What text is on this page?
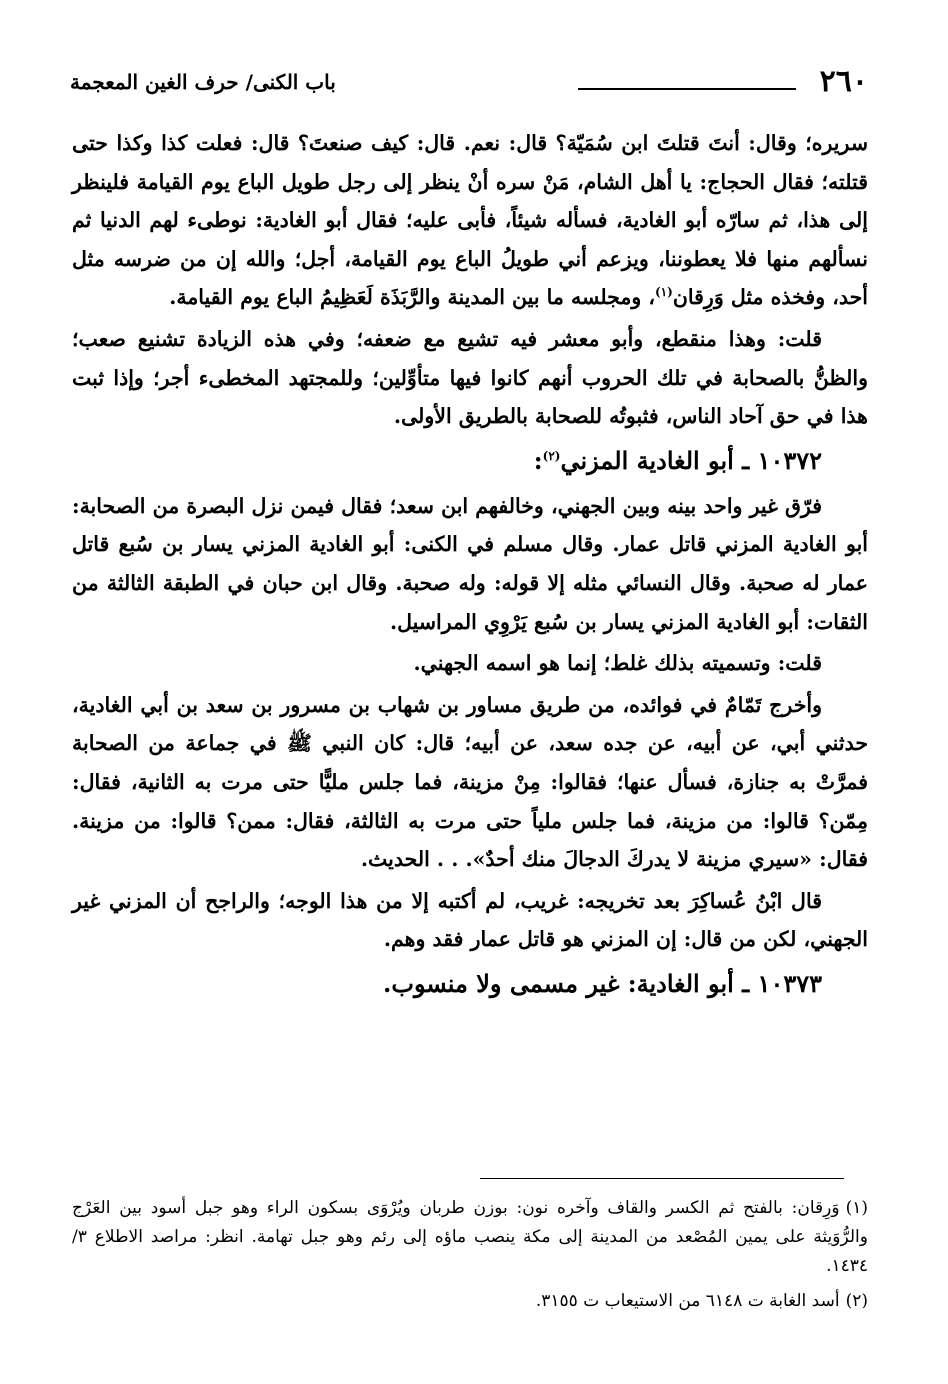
٢٦٠
باب الكنى/ حرف الغين المعجمة

سريره؛ وقال: أنتَ قتلتَ ابن سُمَيّة؟ قال: نعم. قال: كيف صنعتَ؟ قال: فعلت كذا وكذا حتى قتلته؛ فقال الحجاج: يا أهل الشام، مَنْ سره أنْ ينظر إلى رجل طويل الباع يوم القيامة فلينظر إلى هذا، ثم سارّه أبو الغادية، فسأله شيئاً، فأبى عليه؛ فقال أبو الغادية: نوطىء لهم الدنيا ثم نسألهم منها فلا يعطوننا، ويزعم أني طويلُ الباع يوم القيامة، أجل؛ والله إن من ضرسه مثل أحد، وفخذه مثل وَرِقان$^{(١)}$، ومجلسه ما بين المدينة والرَّبَذَة لَعَظِيمُ الباع يوم القيامة.

قلت: وهذا منقطع، وأبو معشر فيه تشيع مع ضعفه؛ وفي هذه الزيادة تشنيع صعب؛ والظنُّ بالصحابة في تلك الحروب أنهم كانوا فيها متأوِّلين؛ وللمجتهد المخطىء أجر؛ وإذا ثبت هذا في حق آحاد الناس، فثبوتُه للصحابة بالطريق الأولى.

١٠٣٧٢ ـ أبو الغادية المزني$^{(٢)}$:

فرّق غير واحد بينه وبين الجهني، وخالفهم ابن سعد؛ فقال فيمن نزل البصرة من الصحابة: أبو الغادية المزني قاتل عمار. وقال مسلم في الكنى: أبو الغادية المزني يسار بن سُبع قاتل عمار له صحبة. وقال النسائي مثله إلا قوله: وله صحبة. وقال ابن حبان في الطبقة الثالثة من الثقات: أبو الغادية المزني يسار بن سُبع يَرْوِي المراسيل.

قلت: وتسميته بذلك غلط؛ إنما هو اسمه الجهني.

وأخرج تَمّامٌ في فوائده، من طريق مساور بن شهاب بن مسرور بن سعد بن أبي الغادية، حدثني أبي، عن أبيه، عن جده سعد، عن أبيه؛ قال: كان النبي ﷺ في جماعة من الصحابة فمرَّتْ به جنازة، فسأل عنها؛ فقالوا: مِنْ مزينة، فما جلس مليًّا حتى مرت به الثانية، فقال: مِمّن؟ قالوا: من مزينة، فما جلس ملياً حتى مرت به الثالثة، فقال: ممن؟ قالوا: من مزينة. فقال: «سيري مزينة لا يدركَ الدجالَ منك أحدٌ». . . الحديث.

قال ابْنُ عُساكِرَ بعد تخريجه: غريب، لم أكتبه إلا من هذا الوجه؛ والراجح أن المزني غير الجهني، لكن من قال: إن المزني هو قاتل عمار فقد وهم.

١٠٣٧٣ ـ أبو الغادية: غير مسمى ولا منسوب.

(١)وَرِقان: بالفتح ثم الكسر والقاف وآخره نون: بوزن طربان ويُرْوَى بسكون الراء وهو جبل أسود بين العَرْج والرُّوَيثة على يمين المُصْعد من المدينة إلى مكة ينصب ماؤه إلى رئم وهو جبل تهامة. انظر: مراصد الاطلاع ٣/ ١٤٣٤.

(٢)أسد الغابة ت ٦١٤٨ من الاستيعاب ت ٣١٥٥.
